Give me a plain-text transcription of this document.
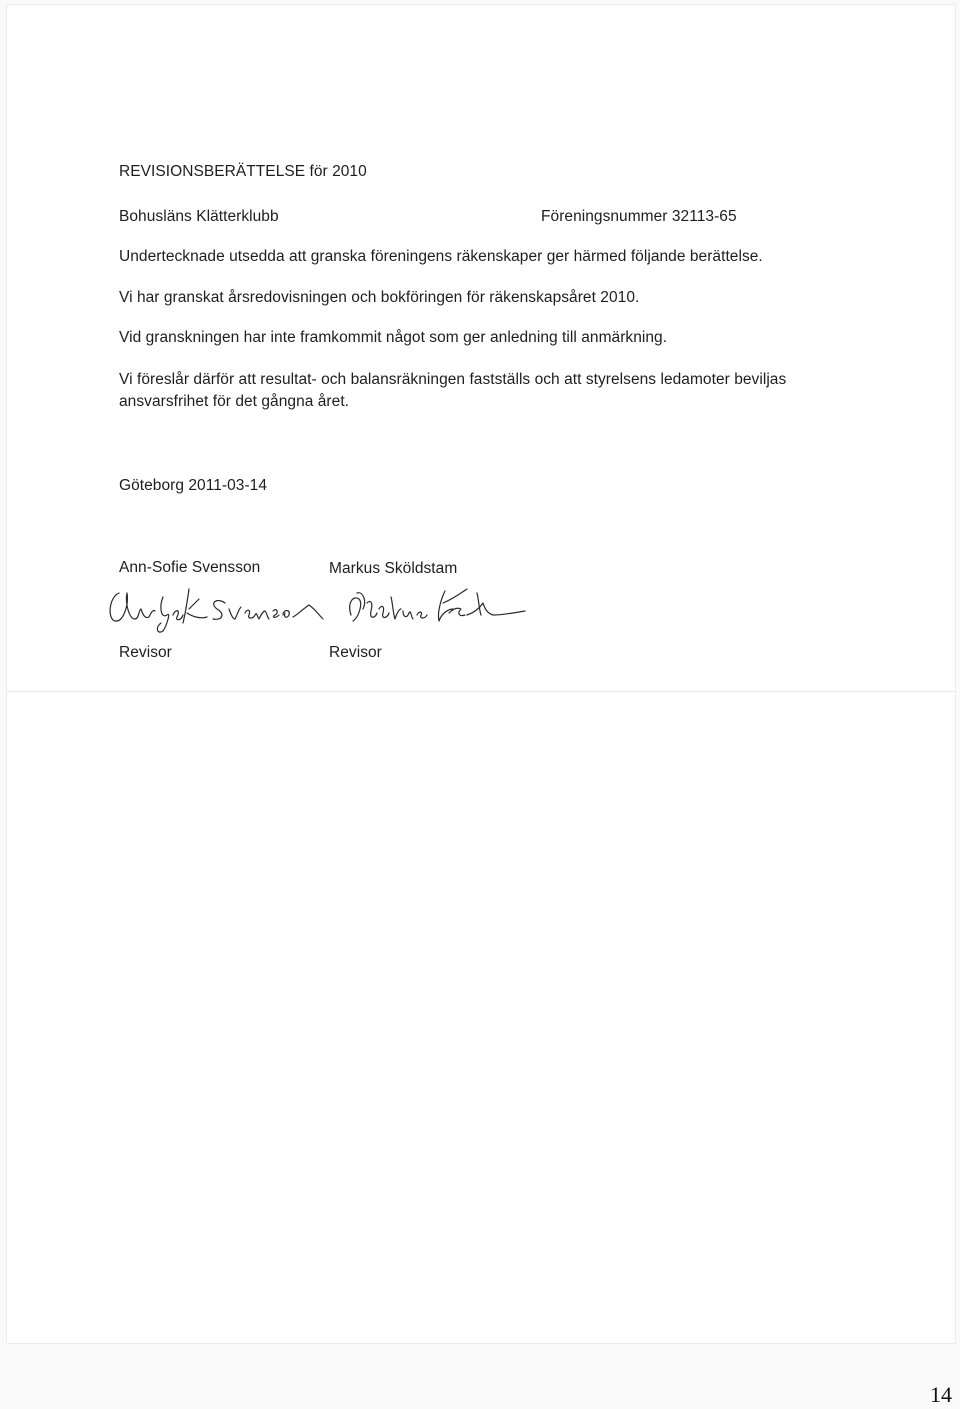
REVISIONSBERÄTTELSE för 2010
Bohusläns Klätterklubb	Föreningsnummer 32113-65
Undertecknade utsedda att granska föreningens räkenskaper ger härmed följande berättelse.
Vi har granskat årsredovisningen och bokföringen för räkenskapsåret 2010.
Vid granskningen har inte framkommit något som ger anledning till anmärkning.
Vi föreslår därför att resultat- och balansräkningen fastställs och att styrelsens ledamoter beviljas
ansvarsfrihet för det gångna året.
Göteborg 2011-03-14
Ann-Sofie Svensson	Markus Sköldstam
Revisor	Revisor
14
